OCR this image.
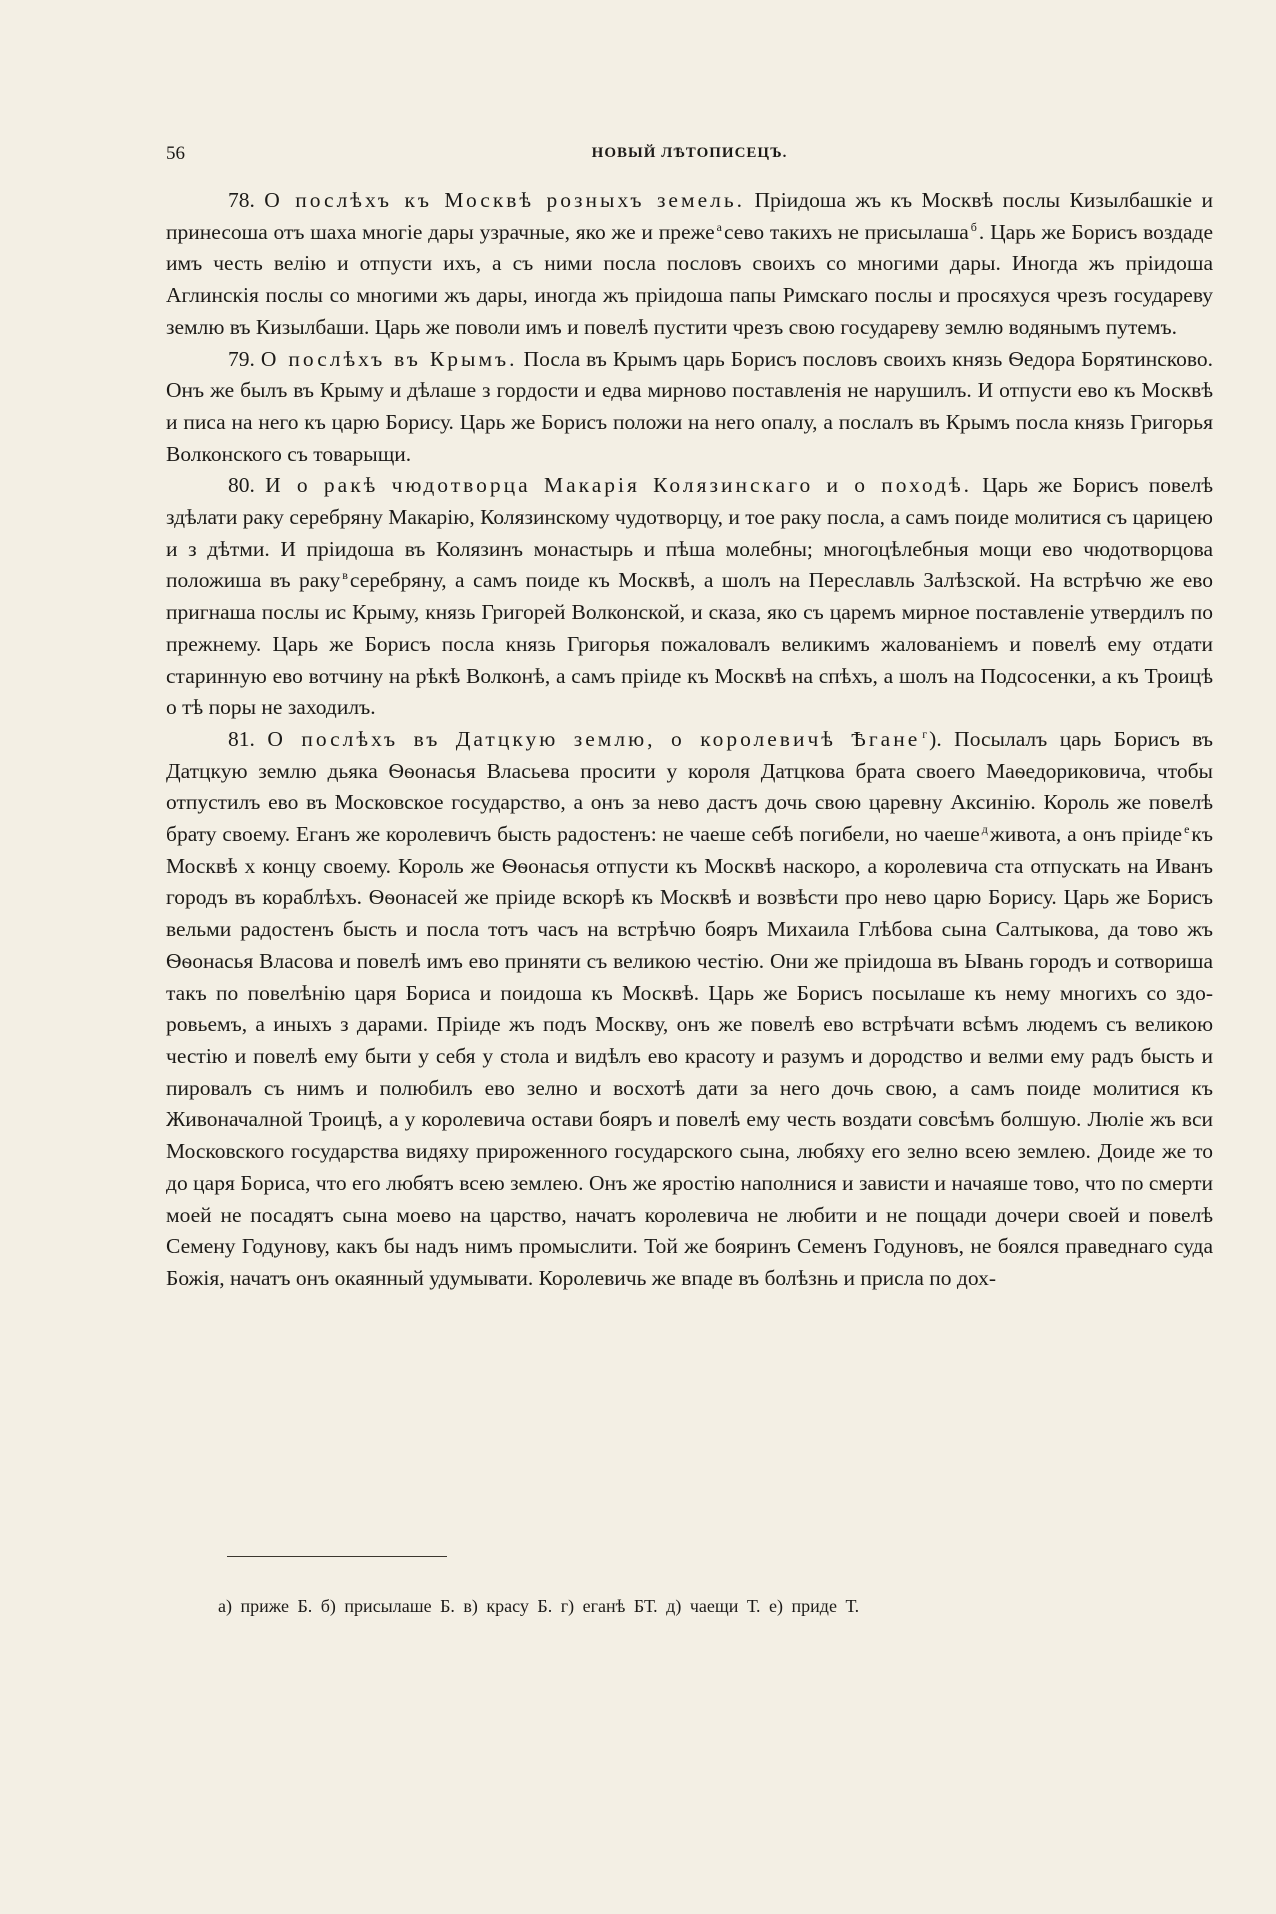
56	НОВЫЙ ЛѢТОПИСЕЦЪ.

78. О послѣхъ къ Москвѣ розныхъ земель. Пріидоша жъ къ Москвѣ послы Кизылбашкіе и принесоша отъ шаха многіе дары узрачные, яко же и преже $^а$сево такихъ не присылаша $^б$. Царь же Борисъ воздаде имъ честь велію и отпусти ихъ, а съ ними посла пословъ своихъ со многими дары. Иногда жъ пріидоша Аглинскія послы со многими жъ дары, иногда жъ пріидоша папы Римскаго послы и просяхуся чрезъ государеву землю въ Кизылбаши. Царь же поволи имъ и повелѣ пустити чрезъ свою государеву землю водянымъ путемъ.

79. О послѣхъ въ Крымъ. Посла въ Крымъ царь Борисъ пословъ своихъ князь Ѳедора Борятинсково. Онъ же былъ въ Крыму и дѣлаше з гордости и едва мирново поставленія не нарушилъ. И отпусти ево къ Москвѣ и писа на него къ царю Борису. Царь же Борисъ положи на него опалу, а послалъ въ Крымъ посла князь Григорья Волконского съ товарыщи.

80. И о ракѣ чюдотворца Макарія Колязинскаго и о походѣ. Царь же Борисъ повелѣ здѣлати раку серебряну Макарію, Колязинскому чудотворцу, и тое раку посла, а самъ поиде молитися съ царицею и з дѣтми. И пріидоша въ Колязинъ монастырь и пѣша молебны; многоцѣлебныя мощи ево чюдотворцова положиша въ раку $^в$серебряну, а самъ поиде къ Москвѣ, а шолъ на Переславль Залѣзской. На встрѣчю же ево пригнаша послы ис Крыму, князь Григорей Волконской, и сказа, яко съ царемъ мирное поставленіе утвердилъ по прежнему. Царь же Борисъ посла князь Григорья пожаловалъ великимъ жалованіемъ и повелѣ ему отдати старинную ево вотчину на рѣкѣ Волконѣ, а самъ пріиде къ Москвѣ на спѣхъ, а шолъ на Подсосенки, а къ Троицѣ о тѣ поры не заходилъ.

81. О послѣхъ въ Датцкую землю, о королевичѣ Ѣгане $^г$). Посылалъ царь Борисъ въ Датцкую землю дьяка Ѳѳонасья Власьева просити у короля Датцкова брата своего Маѳедориковича, чтобы отпустилъ ево въ Московское государство, а онъ за нево дастъ дочь свою царевну Аксинію. Король же повелѣ брату своему. Еганъ же королевичъ бысть радостенъ: не чаеше себѣ погибели, но чаеше $^д$живота, а онъ пріиде $^е$къ Москвѣ х концу своему. Король же Ѳѳонасья отпусти къ Москвѣ наскоро, а королевича ста отпускать на Иванъ городъ въ кораблѣхъ. Ѳѳонасей же пріиде вскорѣ къ Москвѣ и возвѣсти про нево царю Борису. Царь же Борисъ вельми радостенъ бысть и посла тотъ часъ на встрѣчю бояръ Михаила Глѣбова сына Салтыкова, да тово жъ Ѳѳонасья Власова и повелѣ имъ ево приняти съ великою честію. Они же пріидоша въ Ывань городъ и сотвориша такъ по повелѣнію царя Бориса и поидоша къ Москвѣ. Царь же Борисъ посылаше къ нему многихъ со здоровьемъ, а иныхъ з дарами. Пріиде жъ подъ Москву, онъ же повелѣ ево встрѣчати всѣмъ людемъ съ великою честію и повелѣ ему быти у себя у стола и видѣлъ ево красоту и разумъ и дородство и велми ему радъ бысть и пировалъ съ нимъ и полюбилъ ево зелно и восхотѣ дати за него дочь свою, а самъ поиде молитися къ Живоначалной Троицѣ, а у королевича остави бояръ и повелѣ ему честь воздати совсѣмъ болшую. Люліе жъ вси Московского государства видяху прироженного государского сына, любяху его зелно всею землею. Доиде же то до царя Бориса, что его любятъ всею землею. Онъ же яростію наполнися и зависти и начаяше тово, что по смерти моей не посадятъ сына моево на царство, начатъ королевича не любити и не пощади дочери своей и повелѣ Семену Годунову, какъ бы надъ нимъ промыслити. Той же бояринъ Семенъ Годуновъ, не боялся праведнаго суда Божія, начатъ онъ окаянный удумывати. Королевичь же впаде въ болѣзнь и присла по дох-

а) приже Б. б) присылаше Б. в) красу Б. г) еганѣ БТ. д) чаещи Т. е) приде Т.
